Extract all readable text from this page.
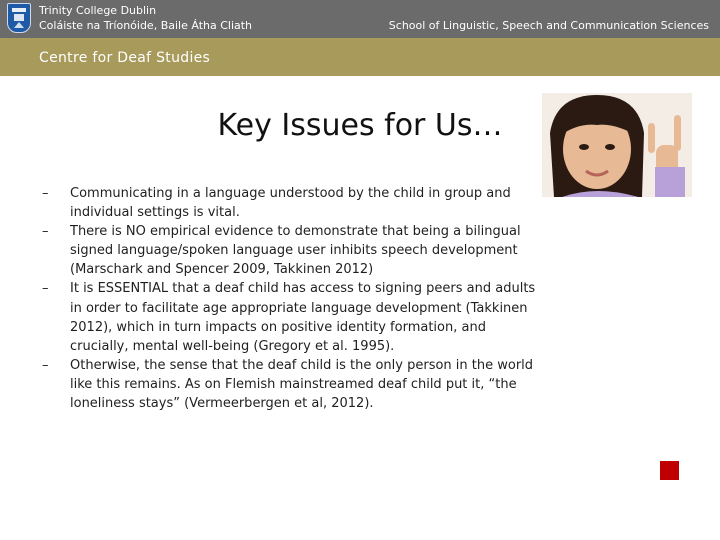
Trinity College Dublin
Coláiste na Tríonóide, Baile Átha Cliath	School of Linguistic, Speech and Communication Sciences
Centre for Deaf Studies
Key Issues for Us…
– Communicating in a language understood by the child in group and individual settings is vital.
– There is NO empirical evidence to demonstrate that being a bilingual signed language/spoken language user inhibits speech development (Marschark and Spencer 2009, Takkinen 2012)
– It is ESSENTIAL that a deaf child has access to signing peers and adults in order to facilitate age appropriate language development (Takkinen 2012), which in turn impacts on positive identity formation, and crucially, mental well-being (Gregory et al. 1995).
– Otherwise, the sense that the deaf child is the only person in the world like this remains. As on Flemish mainstreamed deaf child put it, “the loneliness stays” (Vermeerbergen et al, 2012).
